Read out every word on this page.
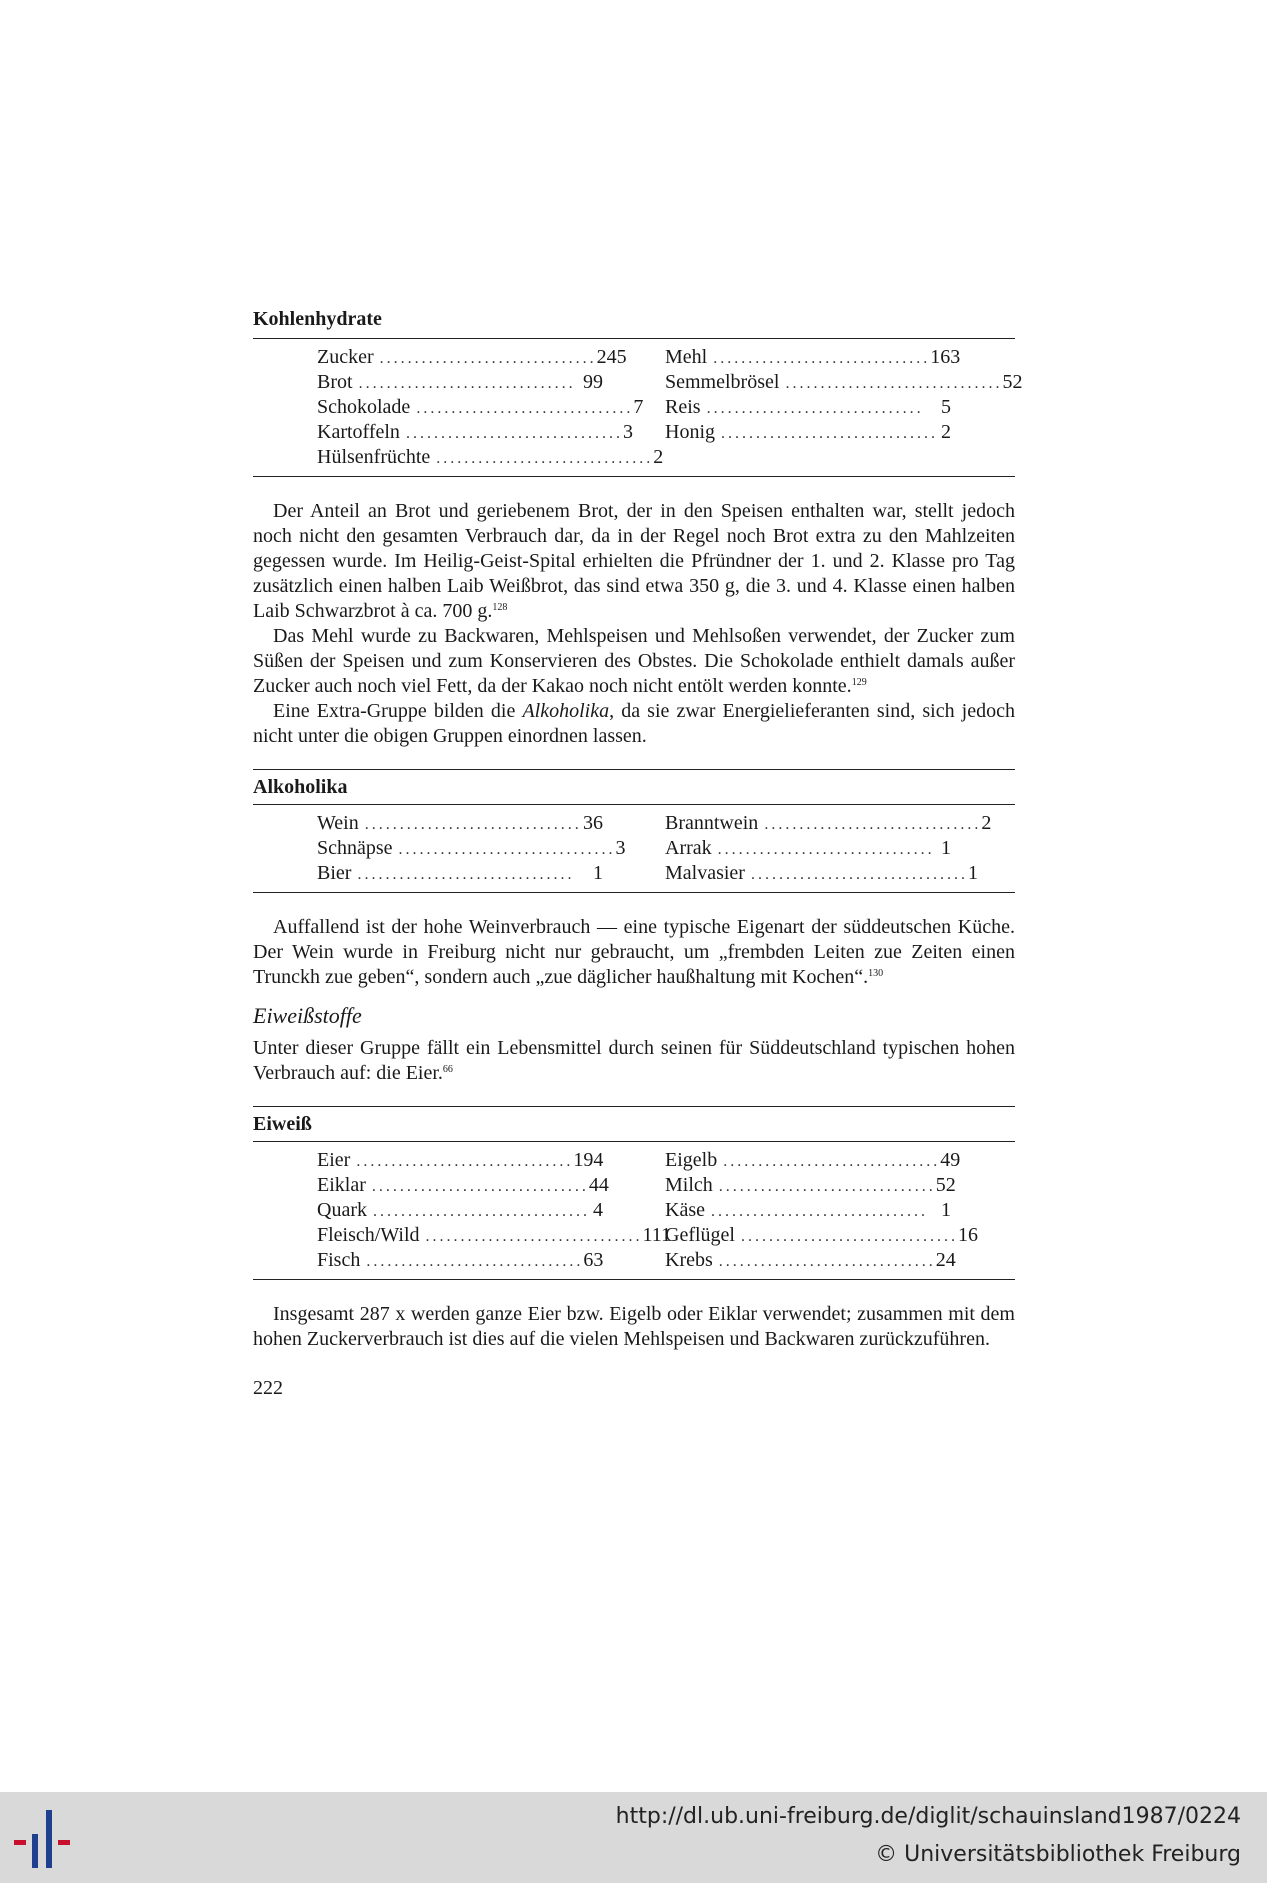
Kohlenhydrate
Zucker ............................... 245
Brot ............................... 99
Schokolade ............................... 7
Kartoffeln ............................... 3
Hülsenfrüchte ............................... 2
Mehl ............................... 163
Semmelbrösel ............................... 52
Reis ............................... 5
Honig ............................... 2

Der Anteil an Brot und geriebenem Brot, der in den Speisen enthalten war, stellt jedoch noch nicht den gesamten Verbrauch dar, da in der Regel noch Brot extra zu den Mahlzeiten gegessen wurde. Im Heilig-Geist-Spital erhielten die Pfründner der 1. und 2. Klasse pro Tag zusätzlich einen halben Laib Weißbrot, das sind etwa 350 g, die 3. und 4. Klasse einen halben Laib Schwarzbrot à ca. 700 g.$^{128}$

Das Mehl wurde zu Backwaren, Mehlspeisen und Mehlsoßen verwendet, der Zucker zum Süßen der Speisen und zum Konservieren des Obstes. Die Schokolade enthielt damals außer Zucker auch noch viel Fett, da der Kakao noch nicht entölt werden konnte.$^{129}$

Eine Extra-Gruppe bilden die Alkoholika, da sie zwar Energielieferanten sind, sich jedoch nicht unter die obigen Gruppen einordnen lassen.

Alkoholika
Wein ............................... 36
Schnäpse ............................... 3
Bier ............................... 1
Branntwein ............................... 2
Arrak ............................... 1
Malvasier ............................... 1

Auffallend ist der hohe Weinverbrauch — eine typische Eigenart der süddeutschen Küche. Der Wein wurde in Freiburg nicht nur gebraucht, um „frembden Leiten zue Zeiten einen Trunckh zue geben“, sondern auch „zue däglicher haußhaltung mit Kochen“.$^{130}$

Eiweißstoffe

Unter dieser Gruppe fällt ein Lebensmittel durch seinen für Süddeutschland typischen hohen Verbrauch auf: die Eier.$^{66}$

Eiweiß
Eier ............................... 194
Eiklar ............................... 44
Quark ............................... 4
Fleisch/Wild ............................... 111
Fisch ............................... 63
Eigelb ............................... 49
Milch ............................... 52
Käse ............................... 1
Geflügel ............................... 16
Krebs ............................... 24

Insgesamt 287 x werden ganze Eier bzw. Eigelb oder Eiklar verwendet; zusammen mit dem hohen Zuckerverbrauch ist dies auf die vielen Mehlspeisen und Backwaren zurückzuführen.

222
http://dl.ub.uni-freiburg.de/diglit/schauinsland1987/0224
© Universitätsbibliothek Freiburg
